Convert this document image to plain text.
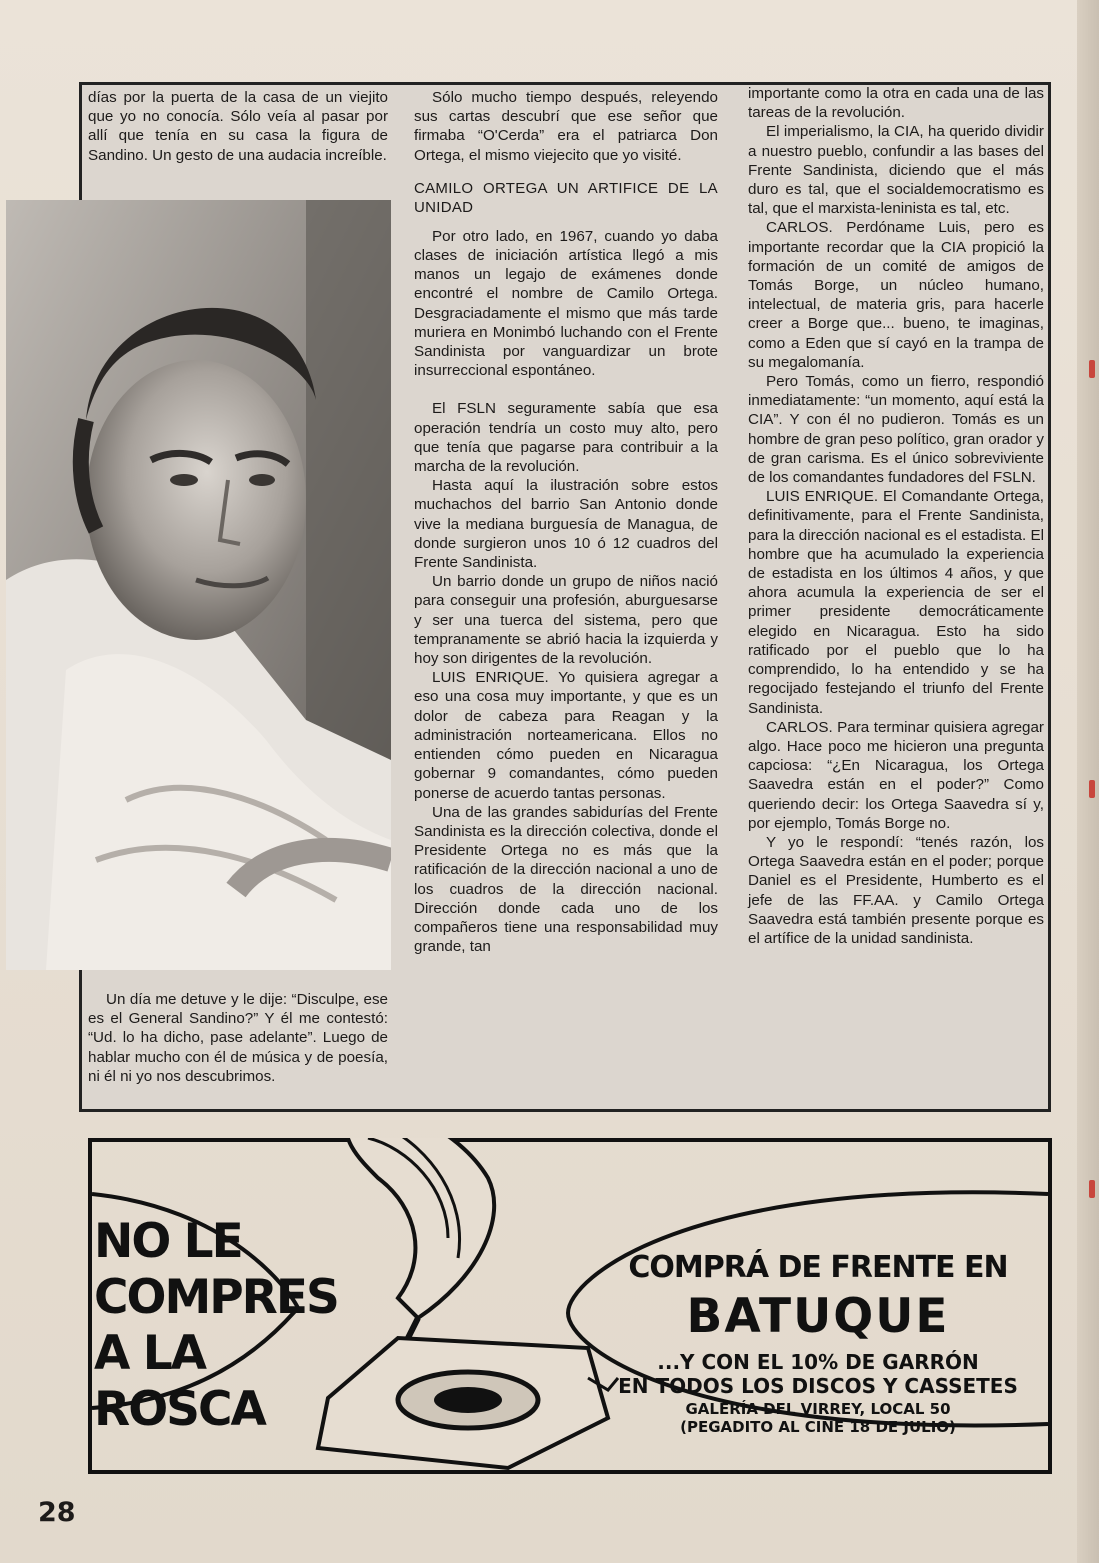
días por la puerta de la casa de un viejito que yo no conocía. Sólo veía al pasar por allí que tenía en su casa la figura de Sandino. Un gesto de una audacia increíble.

Un día me detuve y le dije: “Disculpe, ese es el General Sandino?” Y él me contestó: “Ud. lo ha dicho, pase adelante”. Luego de hablar mucho con él de música y de poesía, ni él ni yo nos descubrimos.

Sólo mucho tiempo después, releyendo sus cartas descubrí que ese señor que firmaba “O'Cerda” era el patriarca Don Ortega, el mismo viejecito que yo visité.

CAMILO ORTEGA UN ARTIFICE DE LA UNIDAD

Por otro lado, en 1967, cuando yo daba clases de iniciación artística llegó a mis manos un legajo de exámenes donde encontré el nombre de Camilo Ortega. Desgraciadamente el mismo que más tarde muriera en Monimbó luchando con el Frente Sandinista por vanguardizar un brote insurreccional espontáneo.

El FSLN seguramente sabía que esa operación tendría un costo muy alto, pero que tenía que pagarse para contribuir a la marcha de la revolución.

Hasta aquí la ilustración sobre estos muchachos del barrio San Antonio donde vive la mediana burguesía de Managua, de donde surgieron unos 10 ó 12 cuadros del Frente Sandinista.

Un barrio donde un grupo de niños nació para conseguir una profesión, aburguesarse y ser una tuerca del sistema, pero que tempranamente se abrió hacia la izquierda y hoy son dirigentes de la revolución.

LUIS ENRIQUE. Yo quisiera agregar a eso una cosa muy importante, y que es un dolor de cabeza para Reagan y la administración norteamericana. Ellos no entienden cómo pueden en Nicaragua gobernar 9 comandantes, cómo pueden ponerse de acuerdo tantas personas.

Una de las grandes sabidurías del Frente Sandinista es la dirección colectiva, donde el Presidente Ortega no es más que la ratificación de la dirección nacional a uno de los cuadros de la dirección nacional. Dirección donde cada uno de los compañeros tiene una responsabilidad muy grande, tan

importante como la otra en cada una de las tareas de la revolución.

El imperialismo, la CIA, ha querido dividir a nuestro pueblo, confundir a las bases del Frente Sandinista, diciendo que el más duro es tal, que el socialdemocratismo es tal, que el marxista-leninista es tal, etc.

CARLOS. Perdóname Luis, pero es importante recordar que la CIA propició la formación de un comité de amigos de Tomás Borge, un núcleo humano, intelectual, de materia gris, para hacerle creer a Borge que... bueno, te imaginas, como a Eden que sí cayó en la trampa de su megalomanía.

Pero Tomás, como un fierro, respondió inmediatamente: “un momento, aquí está la CIA”. Y con él no pudieron. Tomás es un hombre de gran peso político, gran orador y de gran carisma. Es el único sobreviviente de los comandantes fundadores del FSLN.

LUIS ENRIQUE. El Comandante Ortega, definitivamente, para el Frente Sandinista, para la dirección nacional es el estadista. El hombre que ha acumulado la experiencia de estadista en los últimos 4 años, y que ahora acumula la experiencia de ser el primer presidente democráticamente elegido en Nicaragua. Esto ha sido ratificado por el pueblo que lo ha comprendido, lo ha entendido y se ha regocijado festejando el triunfo del Frente Sandinista.

CARLOS. Para terminar quisiera agregar algo. Hace poco me hicieron una pregunta capciosa: “¿En Nicaragua, los Ortega Saavedra están en el poder?” Como queriendo decir: los Ortega Saavedra sí y, por ejemplo, Tomás Borge no.

Y yo le respondí: “tenés razón, los Ortega Saavedra están en el poder; porque Daniel es el Presidente, Humberto es el jefe de las FF.AA. y Camilo Ortega Saavedra está también presente porque es el artífice de la unidad sandinista.

NO LE
COMPRES
A LA
ROSCA
COMPRÁ DE FRENTE EN
BATUQUE
...Y CON EL 10% DE GARRÓN
EN TODOS LOS DISCOS Y CASSETES
GALERÍA DEL VIRREY, LOCAL 50
(PEGADITO AL CINE 18 DE JULIO)
28
